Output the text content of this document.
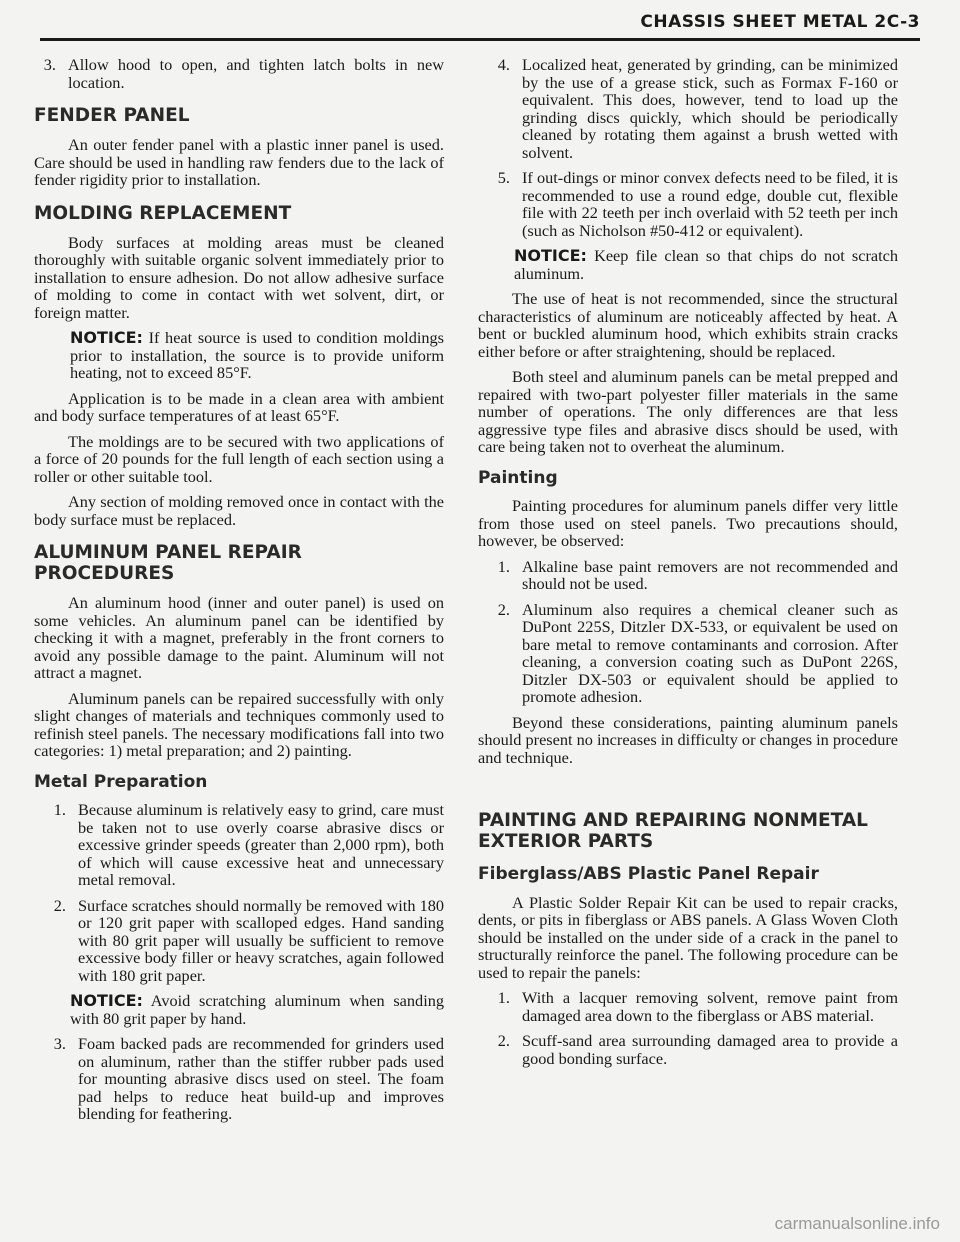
CHASSIS SHEET METAL 2C-3
3. Allow hood to open, and tighten latch bolts in new location.
FENDER PANEL

An outer fender panel with a plastic inner panel is used. Care should be used in handling raw fenders due to the lack of fender rigidity prior to installation.

MOLDING REPLACEMENT

Body surfaces at molding areas must be cleaned thoroughly with suitable organic solvent immediately prior to installation to ensure adhesion. Do not allow adhesive surface of molding to come in contact with wet solvent, dirt, or foreign matter.

NOTICE: If heat source is used to condition moldings prior to installation, the source is to provide uniform heating, not to exceed 85°F.

Application is to be made in a clean area with ambient and body surface temperatures of at least 65°F.

The moldings are to be secured with two applications of a force of 20 pounds for the full length of each section using a roller or other suitable tool.

Any section of molding removed once in contact with the body surface must be replaced.

ALUMINUM PANEL REPAIR PROCEDURES

An aluminum hood (inner and outer panel) is used on some vehicles. An aluminum panel can be identified by checking it with a magnet, preferably in the front corners to avoid any possible damage to the paint. Aluminum will not attract a magnet.

Aluminum panels can be repaired successfully with only slight changes of materials and techniques commonly used to refinish steel panels. The necessary modifications fall into two categories: 1) metal preparation; and 2) painting.

Metal Preparation
1. Because aluminum is relatively easy to grind, care must be taken not to use overly coarse abrasive discs or excessive grinder speeds (greater than 2,000 rpm), both of which will cause excessive heat and unnecessary metal removal.
2. Surface scratches should normally be removed with 180 or 120 grit paper with scalloped edges. Hand sanding with 80 grit paper will usually be sufficient to remove excessive body filler or heavy scratches, again followed with 180 grit paper.

NOTICE: Avoid scratching aluminum when sanding with 80 grit paper by hand.

3. Foam backed pads are recommended for grinders used on aluminum, rather than the stiffer rubber pads used for mounting abrasive discs used on steel. The foam pad helps to reduce heat build-up and improves blending for feathering.
4. Localized heat, generated by grinding, can be minimized by the use of a grease stick, such as Formax F-160 or equivalent. This does, however, tend to load up the grinding discs quickly, which should be periodically cleaned by rotating them against a brush wetted with solvent.
5. If out-dings or minor convex defects need to be filed, it is recommended to use a round edge, double cut, flexible file with 22 teeth per inch overlaid with 52 teeth per inch (such as Nicholson #50-412 or equivalent).

NOTICE: Keep file clean so that chips do not scratch aluminum.

The use of heat is not recommended, since the structural characteristics of aluminum are noticeably affected by heat. A bent or buckled aluminum hood, which exhibits strain cracks either before or after straightening, should be replaced.

Both steel and aluminum panels can be metal prepped and repaired with two-part polyester filler materials in the same number of operations. The only differences are that less aggressive type files and abrasive discs should be used, with care being taken not to overheat the aluminum.

Painting

Painting procedures for aluminum panels differ very little from those used on steel panels. Two precautions should, however, be observed:

1. Alkaline base paint removers are not recommended and should not be used.
2. Aluminum also requires a chemical cleaner such as DuPont 225S, Ditzler DX-533, or equivalent be used on bare metal to remove contaminants and corrosion. After cleaning, a conversion coating such as DuPont 226S, Ditzler DX-503 or equivalent should be applied to promote adhesion.

Beyond these considerations, painting aluminum panels should present no increases in difficulty or changes in procedure and technique.

PAINTING AND REPAIRING NONMETAL EXTERIOR PARTS
Fiberglass/ABS Plastic Panel Repair

A Plastic Solder Repair Kit can be used to repair cracks, dents, or pits in fiberglass or ABS panels. A Glass Woven Cloth should be installed on the under side of a crack in the panel to structurally reinforce the panel. The following procedure can be used to repair the panels:

1. With a lacquer removing solvent, remove paint from damaged area down to the fiberglass or ABS material.
2. Scuff-sand area surrounding damaged area to provide a good bonding surface.
carmanualsonline.info
